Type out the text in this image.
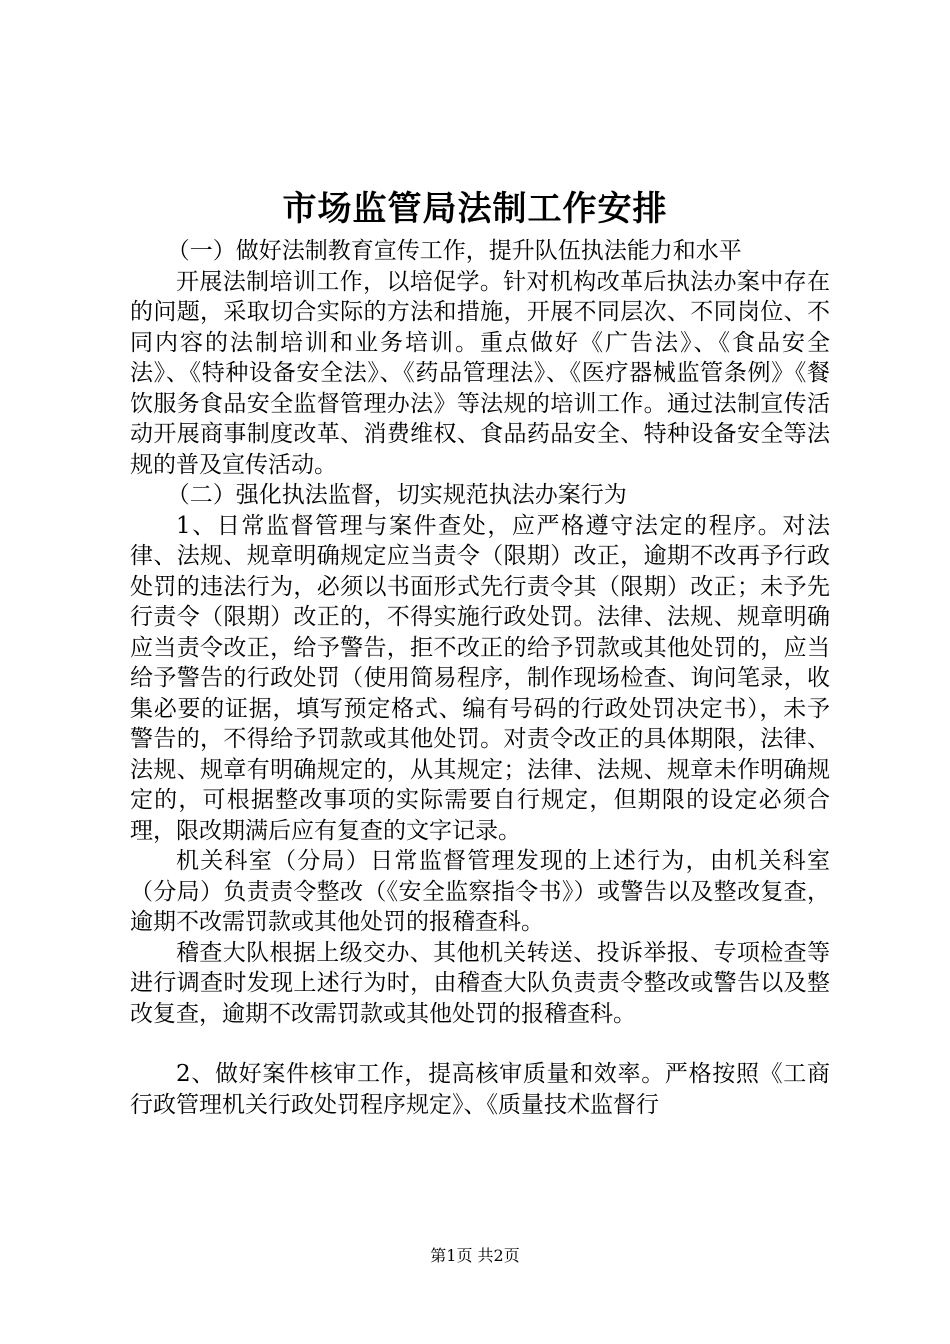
市场监管局法制工作安排

（一）做好法制教育宣传工作，提升队伍执法能力和水平

开展法制培训工作，以培促学。针对机构改革后执法办案中存在的问题，采取切合实际的方法和措施，开展不同层次、不同岗位、不同内容的法制培训和业务培训。重点做好《广告法》、《食品安全法》、《特种设备安全法》、《药品管理法》、《医疗器械监管条例》《餐饮服务食品安全监督管理办法》等法规的培训工作。通过法制宣传活动开展商事制度改革、消费维权、食品药品安全、特种设备安全等法规的普及宣传活动。

（二）强化执法监督，切实规范执法办案行为

1、日常监督管理与案件查处，应严格遵守法定的程序。对法律、法规、规章明确规定应当责令（限期）改正，逾期不改再予行政处罚的违法行为，必须以书面形式先行责令其（限期）改正；未予先行责令（限期）改正的，不得实施行政处罚。法律、法规、规章明确应当责令改正，给予警告，拒不改正的给予罚款或其他处罚的，应当给予警告的行政处罚（使用简易程序，制作现场检查、询问笔录，收集必要的证据，填写预定格式、编有号码的行政处罚决定书），未予警告的，不得给予罚款或其他处罚。对责令改正的具体期限，法律、法规、规章有明确规定的，从其规定；法律、法规、规章未作明确规定的，可根据整改事项的实际需要自行规定，但期限的设定必须合理，限改期满后应有复查的文字记录。

机关科室（分局）日常监督管理发现的上述行为，由机关科室（分局）负责责令整改（《安全监察指令书》）或警告以及整改复查，逾期不改需罚款或其他处罚的报稽查科。

稽查大队根据上级交办、其他机关转送、投诉举报、专项检查等进行调查时发现上述行为时，由稽查大队负责责令整改或警告以及整改复查，逾期不改需罚款或其他处罚的报稽查科。

2、做好案件核审工作，提高核审质量和效率。严格按照《工商行政管理机关行政处罚程序规定》、《质量技术监督行

第1页 共2页
